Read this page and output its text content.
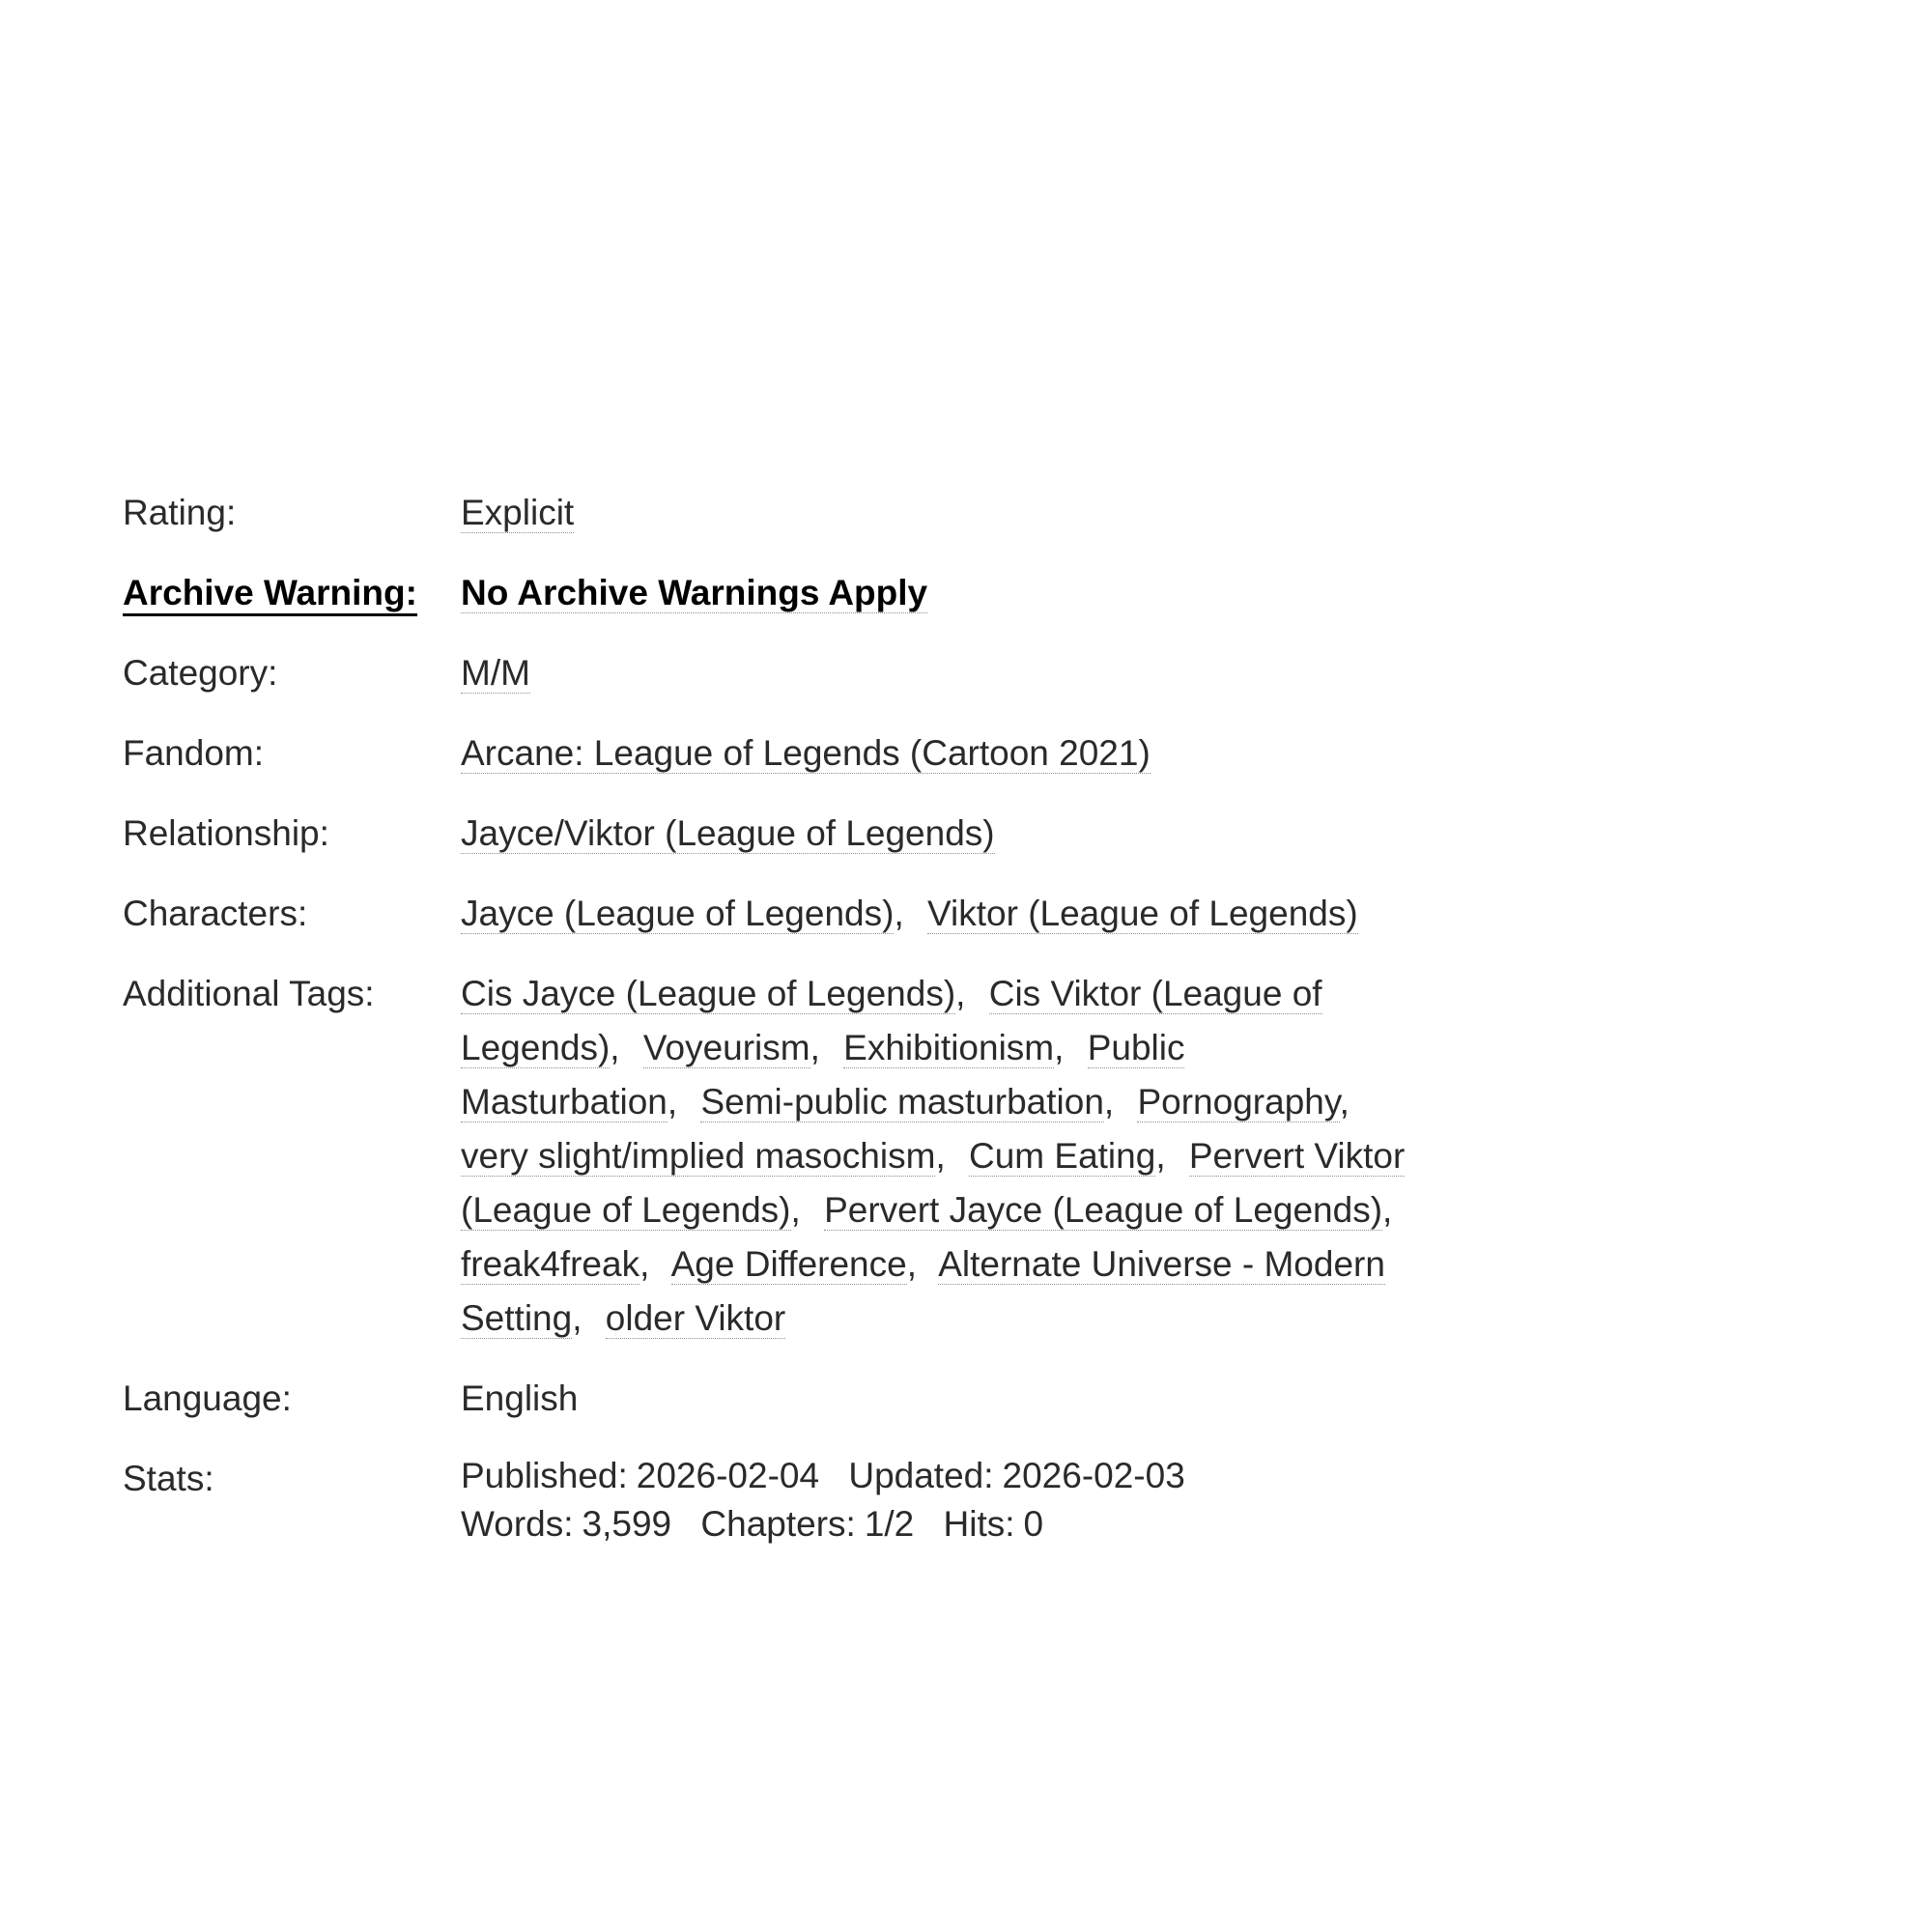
Rating:	Explicit
Archive Warning:	No Archive Warnings Apply
Category:	M/M
Fandom:	Arcane: League of Legends (Cartoon 2021)
Relationship:	Jayce/Viktor (League of Legends)
Characters:	Jayce (League of Legends), Viktor (League of Legends)
Additional Tags:	Cis Jayce (League of Legends), Cis Viktor (League of Legends), Voyeurism, Exhibitionism, Public Masturbation, Semi-public masturbation, Pornography, very slight/implied masochism, Cum Eating, Pervert Viktor (League of Legends), Pervert Jayce (League of Legends), freak4freak, Age Difference, Alternate Universe - Modern Setting, older Viktor
Language:	English
Stats:	Published: 2026-02-04 Updated: 2026-02-03 Words: 3,599 Chapters: 1/2 Hits: 0
